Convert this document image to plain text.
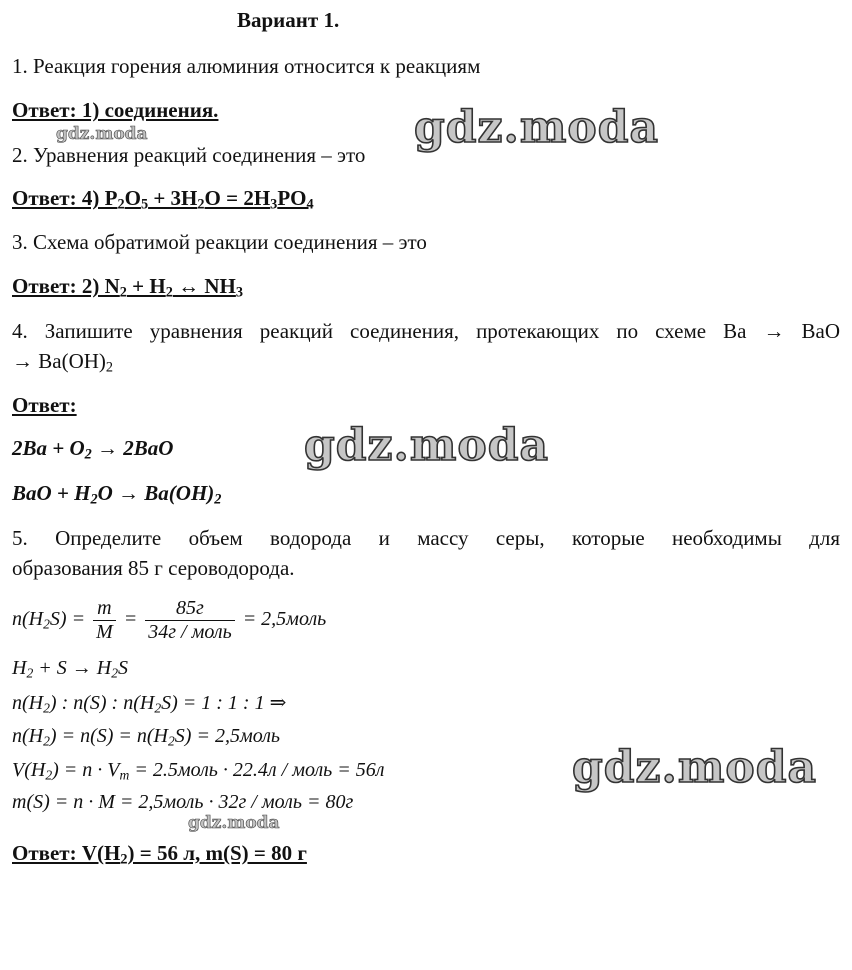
Вариант 1.
1. Реакция горения алюминия относится к реакциям
Ответ: 1) соединения.
2. Уравнения реакций соединения – это
Ответ: 4) $P_2O_5 + 3H_2O = 2H_3PO_4$
3. Схема обратимой реакции соединения – это
Ответ: 2) $N_2 + H_2$ ↔ $NH_3$
4. Запишите уравнения реакций соединения, протекающих по схеме Ba → BaO
→ $Ba(OH)_2$
Ответ:
$2Ba + O_2 \to 2BaO$
BaO + $H_2O \to Ba(OH)_2$
5. Определите объем водорода и массу серы, которые необходимы для
образования 85 г сероводорода.
$n(H_2S) = \frac{m}{M} = \frac{85г}{\text{34г / моль}}$ = 2,5моль
$H_2 + S \to H_2S$
$n(H_2)$ : n(S) : $n(H_2S) = 1$ : 1 : 1 ⇒
$n(H_2) = n(S) = n(H_2S)$ = 2,5моль
$V(H_2) = n \cdot V_m$ = 2.5моль · 22.4л / моль = 56л
m(S) = n · M = 2,5моль · 32г / моль = 80г
Ответ: $V(H_2) = 56$ л, m(S) = 80 г
gdz.moda
gdz.moda
gdz.moda
gdz.moda
gdz.moda
